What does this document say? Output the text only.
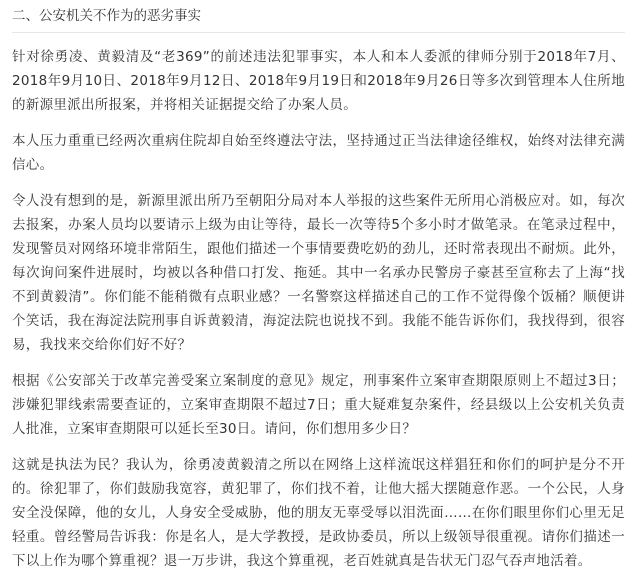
二、公安机关不作为的恶劣事实

针对徐勇凌、黄毅清及“老369”的前述违法犯罪事实，本人和本人委派的律师分别于2018年7月、2018年9月10日、2018年9月12日、2018年9月19日和2018年9月26日等多次到管理本人住所地的新源里派出所报案，并将相关证据提交给了办案人员。

本人压力重重已经两次重病住院却自始至终遵法守法，坚持通过正当法律途径维权，始终对法律充满信心。

令人没有想到的是，新源里派出所乃至朝阳分局对本人举报的这些案件无所用心消极应对。如，每次去报案，办案人员均以要请示上级为由让等待，最长一次等待5个多小时才做笔录。在笔录过程中，发现警员对网络环境非常陌生，跟他们描述一个事情要费吃奶的劲儿，还时常表现出不耐烦。此外，每次询问案件进展时，均被以各种借口打发、拖延。其中一名承办民警房子豪甚至宣称去了上海“找不到黄毅清”。你们能不能稍微有点职业感？一名警察这样描述自己的工作不觉得像个饭桶？顺便讲个笑话，我在海淀法院刑事自诉黄毅清，海淀法院也说找不到。我能不能告诉你们，我找得到，很容易，我找来交给你们好不好？

根据《公安部关于改革完善受案立案制度的意见》规定，刑事案件立案审查期限原则上不超过3日；涉嫌犯罪线索需要查证的，立案审查期限不超过7日；重大疑难复杂案件，经县级以上公安机关负责人批准，立案审查期限可以延长至30日。请问，你们想用多少日？

这就是执法为民？我认为，徐勇凌黄毅清之所以在网络上这样流氓这样猖狂和你们的呵护是分不开的。徐犯罪了，你们鼓励我宽容，黄犯罪了，你们找不着，让他大摇大摆随意作恶。一个公民，人身安全没保障，他的女儿，人身安全受威胁，他的朋友无辜受辱以泪洗面……在你们眼里你们心里无足轻重。曾经警局告诉我：你是名人，是大学教授，是政协委员，所以上级领导很重视。请你们描述一下以上作为哪个算重视？退一万步讲，我这个算重视，老百姓就真是告状无门忍气吞声地活着。
